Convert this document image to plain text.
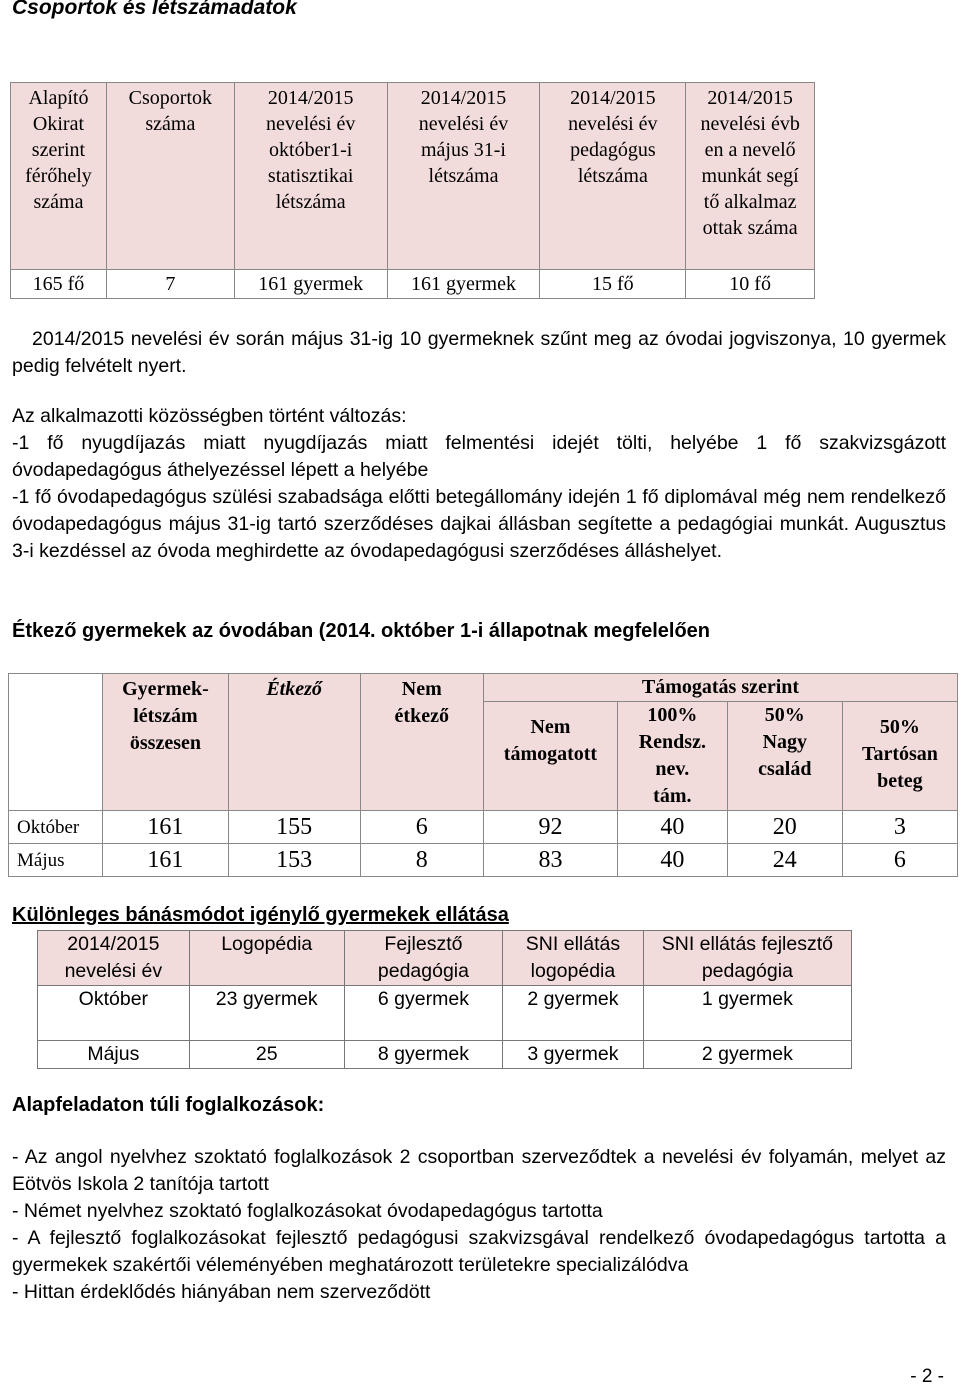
Csoportok és létszámadatok
Alapító Okirat szerint férőhely száma	Csoportok száma	2014/2015 nevelési év október1-i statisztikai létszáma	2014/2015 nevelési év május 31-i létszáma	2014/2015 nevelési év pedagógus létszáma	2014/2015 nevelési évben a nevelőmunkát segítő alkalmazottak száma
165 fő	7	161 gyermek	161 gyermek	15 fő	10 fő

2014/2015 nevelési év során május 31-ig 10 gyermeknek szűnt meg az óvodai jogviszonya, 10 gyermek pedig felvételt nyert.

Az alkalmazotti közösségben történt változás:

-1 fő nyugdíjazás miatt nyugdíjazás miatt felmentési idejét tölti, helyébe 1 fő szakvizsgázott óvodapedagógus áthelyezéssel lépett a helyébe

-1 fő óvodapedagógus szülési szabadsága előtti betegállomány idején 1 fő diplomával még nem rendelkező óvodapedagógus május 31-ig tartó szerződéses dajkai állásban segítette a pedagógiai munkát. Augusztus 3-i kezdéssel az óvoda meghirdette az óvodapedagógusi szerződéses álláshelyet.

Étkező gyermekek az óvodában (2014. október 1-i állapotnak megfelelően
	Gyermek-létszám összesen	Étkező	Nem étkező	Támogatás szerint			
				Nem támogatott	100% Rendsz. nev. tám.	50% Nagy család	50% Tartósan beteg
Október	161	155	6	92	40	20	3
Május	161	153	8	83	40	24	6
Különleges bánásmódot igénylő gyermekek ellátása
2014/2015 nevelési év	Logopédia	Fejlesztő pedagógia	SNI ellátás logopédia	SNI ellátás fejlesztő pedagógia
Október	23 gyermek	6 gyermek	2 gyermek	1 gyermek
Május	25	8 gyermek	3 gyermek	2 gyermek
Alapfeladaton túli foglalkozások:

- Az angol nyelvhez szoktató foglalkozások 2 csoportban szerveződtek a nevelési év folyamán, melyet az Eötvös Iskola 2 tanítója tartott

- Német nyelvhez szoktató foglalkozásokat óvodapedagógus tartotta

- A fejlesztő foglalkozásokat fejlesztő pedagógusi szakvizsgával rendelkező óvodapedagógus tartotta a gyermekek szakértői véleményében meghatározott területekre specializálódva

- Hittan érdeklődés hiányában nem szerveződött

- 2 -
